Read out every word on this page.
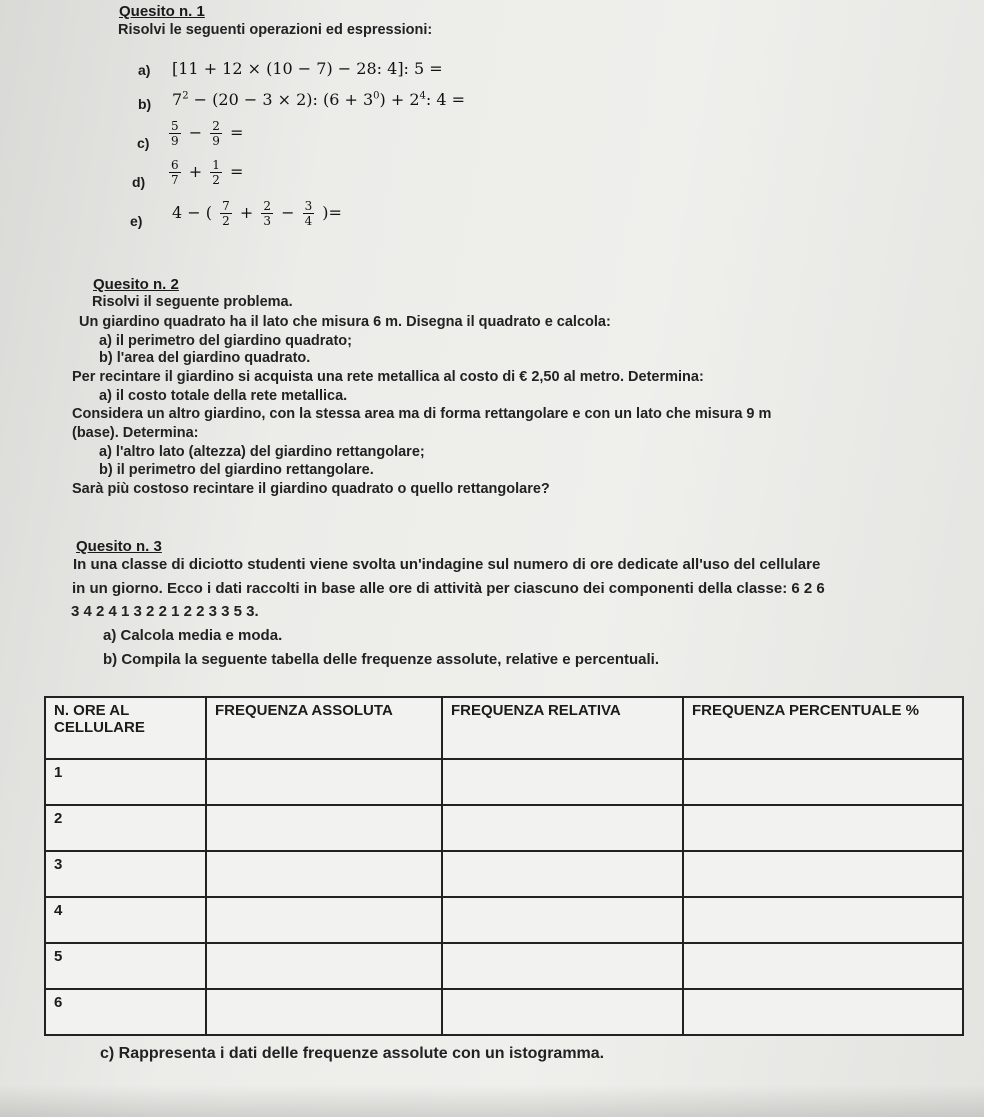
Quesito n. 1
Risolvi le seguenti operazioni ed espressioni:
a) [11 + 12 × (10 − 7) − 28: 4]: 5 =
b) $7^2 - (20 - 3 \times 2)$: $(6 + 3^0) + 2^4$: 4 =
$c) \frac{5}{9} - \frac{2}{9}$ =
$d) \frac{6}{7} + \frac{1}{2}$ =
e) 4 − ( $\frac{7}{2} + \frac{2}{3} - \frac{3}{4}$ )=
Quesito n. 2
Risolvi il seguente problema.
Un giardino quadrato ha il lato che misura 6 m. Disegna il quadrato e calcola:
a) il perimetro del giardino quadrato;
b) l'area del giardino quadrato.
Per recintare il giardino si acquista una rete metallica al costo di € 2,50 al metro. Determina:
a) il costo totale della rete metallica.
Considera un altro giardino, con la stessa area ma di forma rettangolare e con un lato che misura 9 m
(base). Determina:
a) l'altro lato (altezza) del giardino rettangolare;
b) il perimetro del giardino rettangolare.
Sarà più costoso recintare il giardino quadrato o quello rettangolare?
Quesito n. 3
In una classe di diciotto studenti viene svolta un'indagine sul numero di ore dedicate all'uso del cellulare
in un giorno. Ecco i dati raccolti in base alle ore di attività per ciascuno dei componenti della classe: 6 2 6
3 4 2 4 1 3 2 2 1 2 2 3 3 5 3.
a) Calcola media e moda.
b) Compila la seguente tabella delle frequenze assolute, relative e percentuali.
N. ORE AL CELLULARE	FREQUENZA ASSOLUTA	FREQUENZA RELATIVA	FREQUENZA PERCENTUALE %
1			
2			
3			
4			
5			
6			
c) Rappresenta i dati delle frequenze assolute con un istogramma.
